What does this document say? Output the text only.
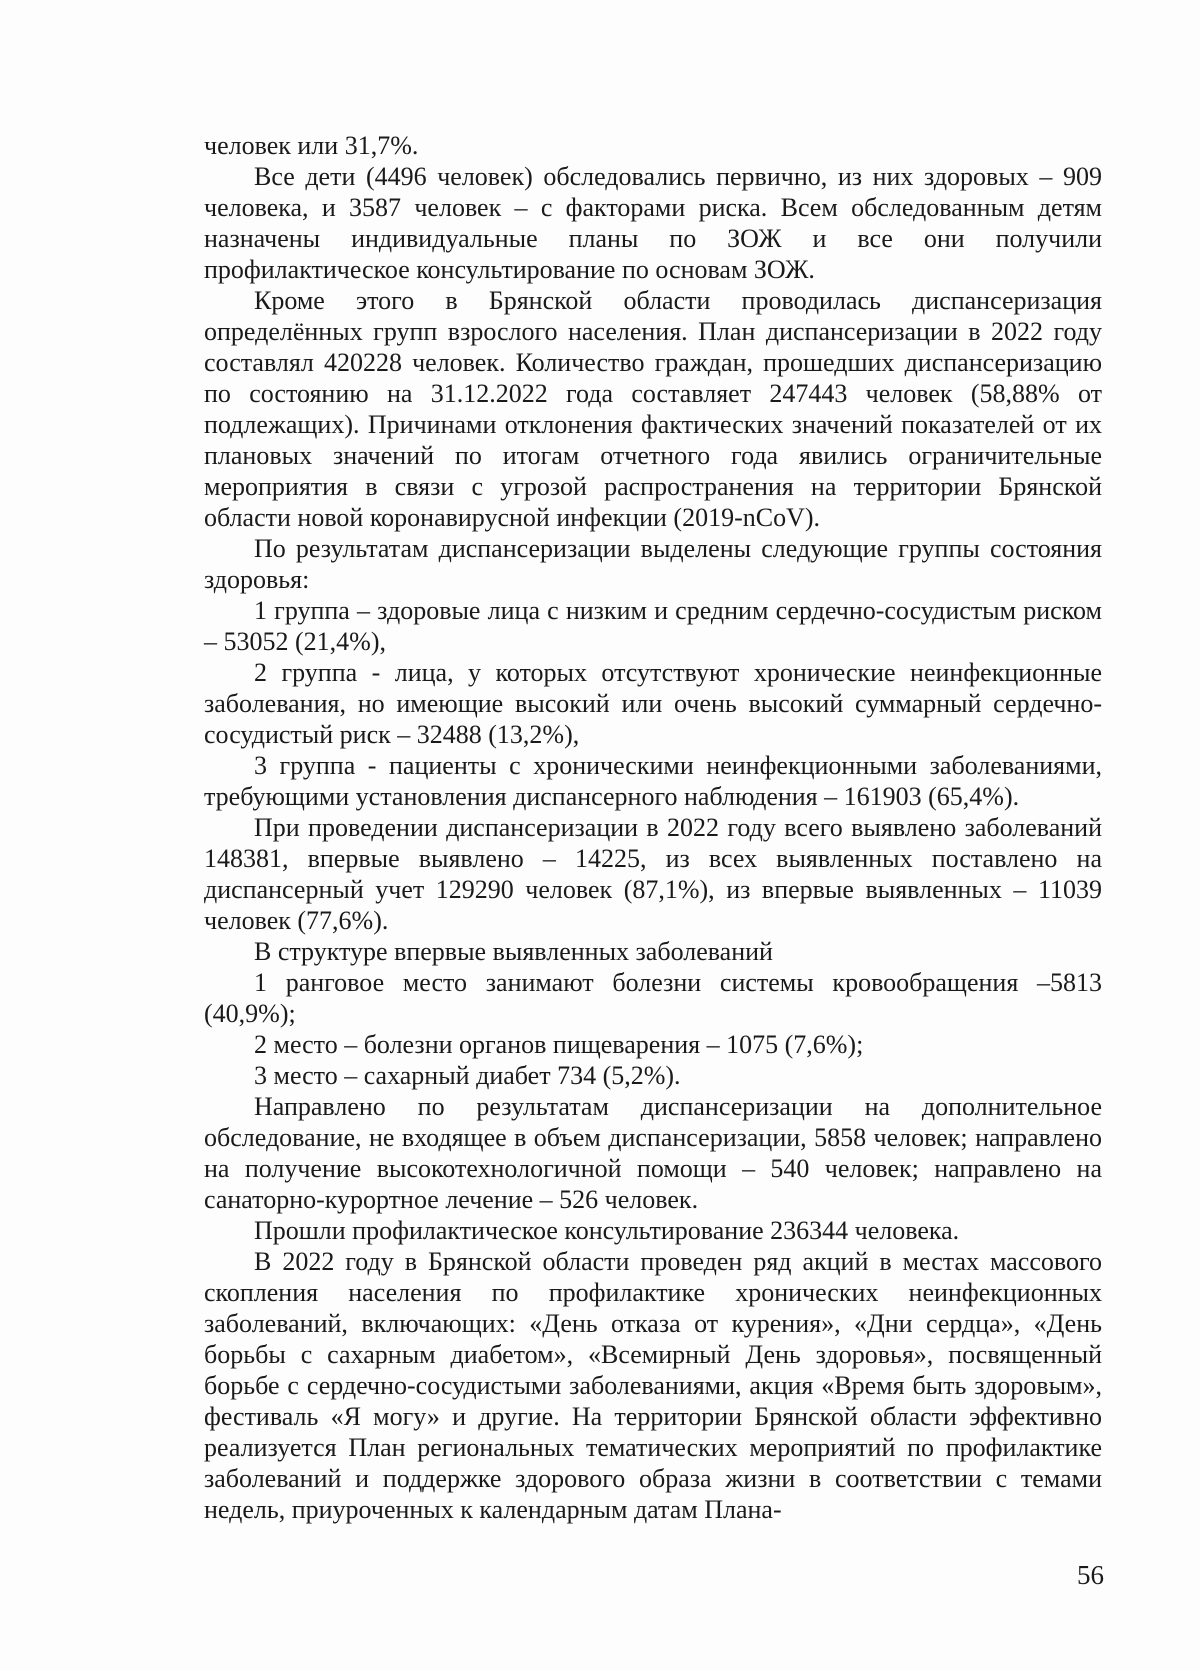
человек или 31,7%.

Все дети (4496 человек) обследовались первично, из них здоровых – 909 человека, и 3587 человек – с факторами риска. Всем обследованным детям назначены индивидуальные планы по ЗОЖ и все они получили профилактическое консультирование по основам ЗОЖ.

Кроме этого в Брянской области проводилась диспансеризация определённых групп взрослого населения. План диспансеризации в 2022 году составлял 420228 человек. Количество граждан, прошедших диспансеризацию по состоянию на 31.12.2022 года составляет 247443 человек (58,88% от подлежащих). Причинами отклонения фактических значений показателей от их плановых значений по итогам отчетного года явились ограничительные мероприятия в связи с угрозой распространения на территории Брянской области новой коронавирусной инфекции (2019-nCoV).

По результатам диспансеризации выделены следующие группы состояния здоровья:

1 группа – здоровые лица с низким и средним сердечно-сосудистым риском – 53052 (21,4%),

2 группа - лица, у которых отсутствуют хронические неинфекционные заболевания, но имеющие высокий или очень высокий суммарный сердечно-сосудистый риск – 32488 (13,2%),

3 группа - пациенты с хроническими неинфекционными заболеваниями, требующими установления диспансерного наблюдения – 161903 (65,4%).

При проведении диспансеризации в 2022 году всего выявлено заболеваний 148381, впервые выявлено – 14225, из всех выявленных поставлено на диспансерный учет 129290 человек (87,1%), из впервые выявленных – 11039 человек (77,6%).

В структуре впервые выявленных заболеваний

1 ранговое место занимают болезни системы кровообращения –5813 (40,9%);

2 место – болезни органов пищеварения – 1075 (7,6%);

3 место – сахарный диабет 734 (5,2%).

Направлено по результатам диспансеризации на дополнительное обследование, не входящее в объем диспансеризации, 5858 человек; направлено на получение высокотехнологичной помощи – 540 человек; направлено на санаторно-курортное лечение – 526 человек.

Прошли профилактическое консультирование 236344 человека.

В 2022 году в Брянской области проведен ряд акций в местах массового скопления населения по профилактике хронических неинфекционных заболеваний, включающих: «День отказа от курения», «Дни сердца», «День борьбы с сахарным диабетом», «Всемирный День здоровья», посвященный борьбе с сердечно-сосудистыми заболеваниями, акция «Время быть здоровым», фестиваль «Я могу» и другие. На территории Брянской области эффективно реализуется План региональных тематических мероприятий по профилактике заболеваний и поддержке здорового образа жизни в соответствии с темами недель, приуроченных к календарным датам Плана-

56
